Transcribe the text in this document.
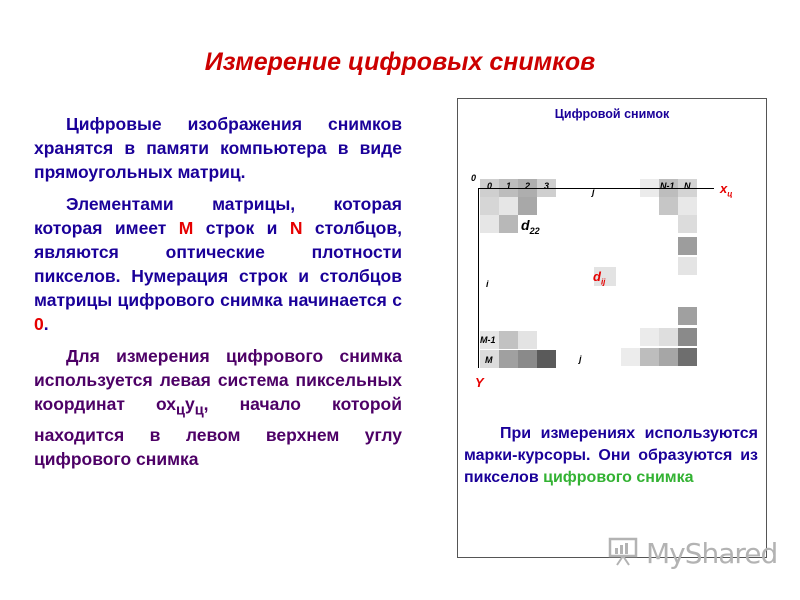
Измерение цифровых снимков

Цифровые изображения снимков хранятся в памяти компьютера в виде прямоугольных матриц.

Элементами матрицы, которая которая имеет М строк и N столбцов, являются оптические плотности пикселов. Нумерация строк и столбцов матрицы цифрового снимка начинается с 0.

Для измерения цифрового снимка используется левая система пиксельных координат $ох_цу_ц$, начало которой находится в левом верхнем углу цифрового снимка

Цифровой снимок
0
0 1 2 3
j
N-1 N
i
M-1
M	j
$d_{22}$
$d_{ij}$
$x_ц$
Y

При измерениях используются марки-курсоры. Они образуются из пикселов цифрового снимка

MyShared
